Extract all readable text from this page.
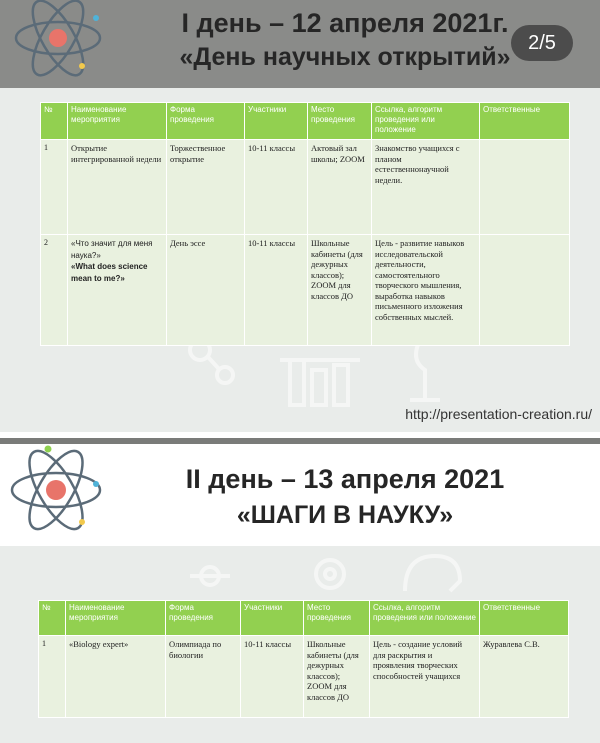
I день – 12 апреля 2021г.
«День научных открытий» 2/5
№	Наименование мероприятия	Форма проведения	Участники	Место проведения	Ссылка, алгоритм проведения или положение	Ответственные
1	Открытие интегрированной недели	Торжественное открытие	10-11 классы	Актовый зал школы; ZOOM	Знакомство учащихся с планом естественнонаучной недели.	
2	«Что значит для меня наука?»
«What does science mean to me?»	День эссе	10-11 классы	Школьные кабинеты (для дежурных классов); ZOOM для классов ДО	Цель - развитие навыков исследовательской деятельности, самостоятельного творческого мышления, выработка навыков письменного изложения собственных мыслей.	
http://presentation-creation.ru/
II день – 13 апреля 2021
«ШАГИ В НАУКУ»
№	Наименование мероприятия	Форма проведения	Участники	Место проведения	Ссылка, алгоритм проведения или положение	Ответственные
1	«Biology expert»	Олимпиада по биологии	10-11 классы	Школьные кабинеты (для дежурных классов); ZOOM для классов ДО	Цель - создание условий для раскрытия и проявления творческих способностей учащихся	Журавлева С.В.
